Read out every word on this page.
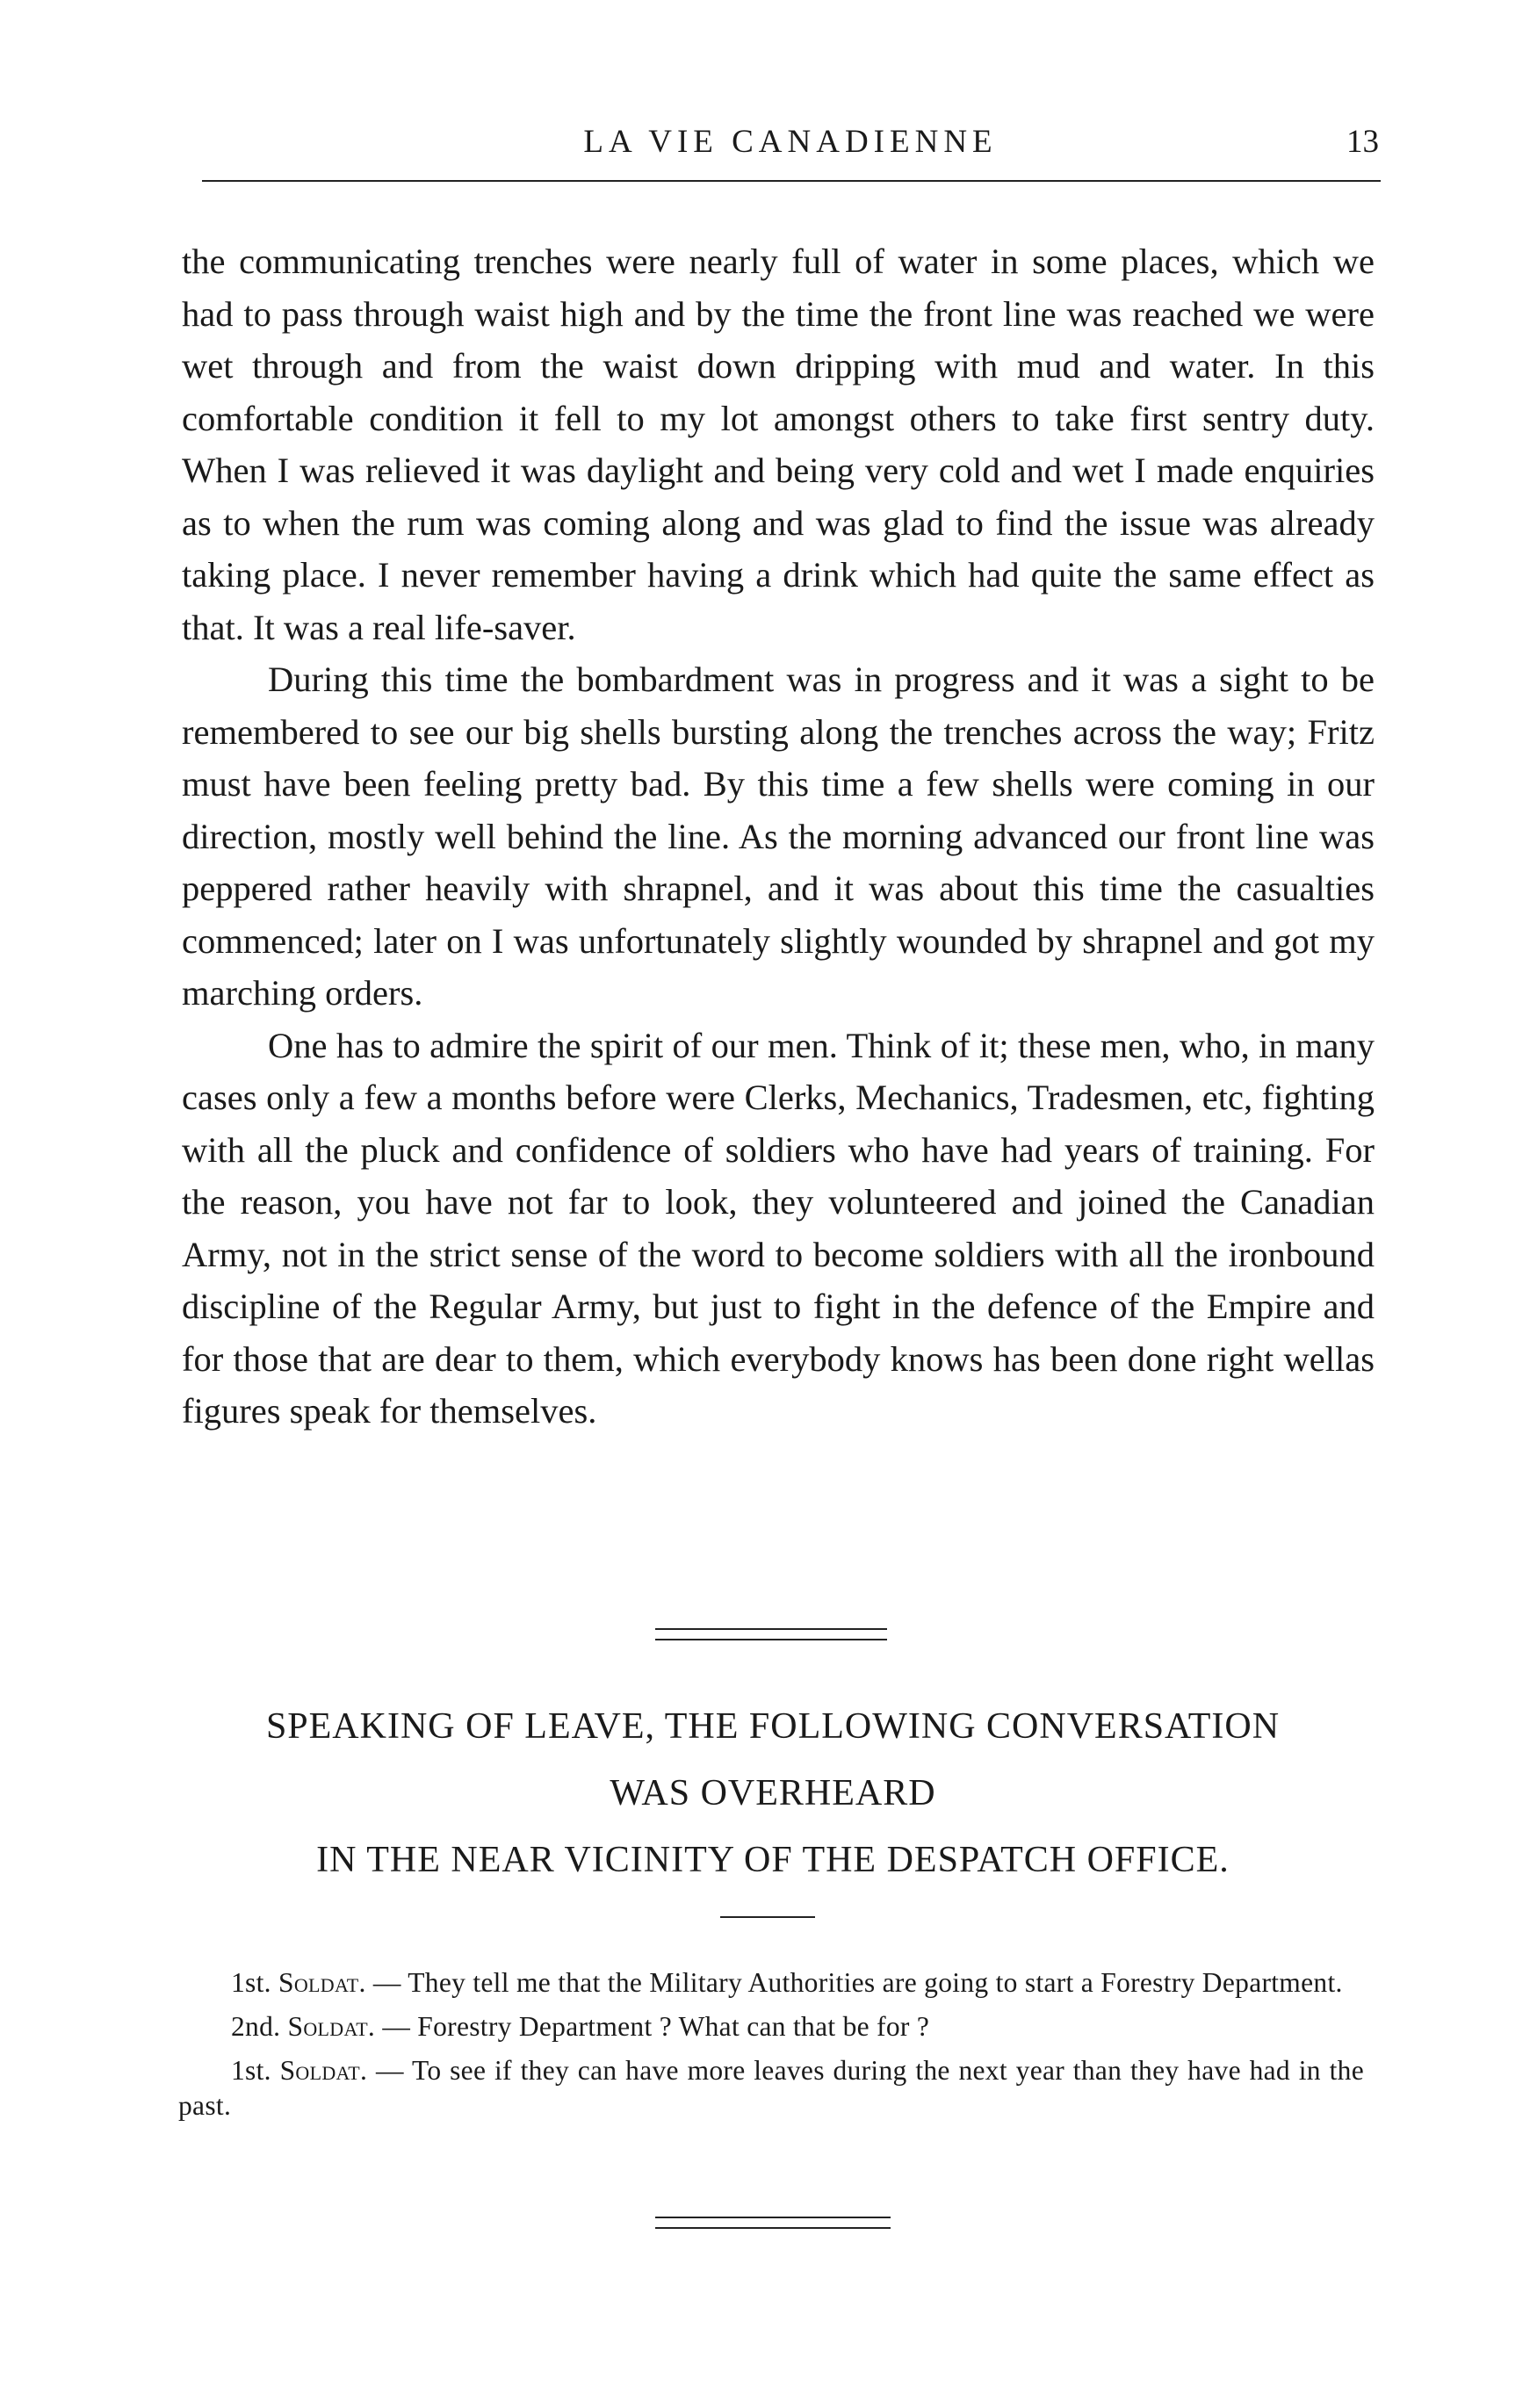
LA VIE CANADIENNE	13

the communicating trenches were nearly full of water in some places, which we had to pass through waist high and by the time the front line was reached we were wet through and from the waist down dripping with mud and water. In this comfortable condition it fell to my lot amongst others to take first sentry duty. When I was relieved it was daylight and being very cold and wet I made enquiries as to when the rum was coming along and was glad to find the issue was already taking place. I never remember having a drink which had quite the same effect as that. It was a real life-saver.

During this time the bombardment was in progress and it was a sight to be remembered to see our big shells bursting along the trenches across the way; Fritz must have been feeling pretty bad. By this time a few shells were coming in our direction, mostly well behind the line. As the morning advanced our front line was peppered rather heavily with shrapnel, and it was about this time the casualties commenced; later on I was unfortunately slightly wounded by shrapnel and got my marching orders.

One has to admire the spirit of our men. Think of it; these men, who, in many cases only a few a months before were Clerks, Mechanics, Tradesmen, etc, fighting with all the pluck and confidence of soldiers who have had years of training. For the reason, you have not far to look, they volunteered and joined the Canadian Army, not in the strict sense of the word to become soldiers with all the ironbound discipline of the Regular Army, but just to fight in the defence of the Empire and for those that are dear to them, which everybody knows has been done right wellas figures speak for themselves.

SPEAKING OF LEAVE, THE FOLLOWING CONVERSATION
WAS OVERHEARD
IN THE NEAR VICINITY OF THE DESPATCH OFFICE.

1st. Soldat. — They tell me that the Military Authorities are going to start a Forestry Department.

2nd. Soldat. — Forestry Department ? What can that be for ?

1st. Soldat. — To see if they can have more leaves during the next year than they have had in the past.
